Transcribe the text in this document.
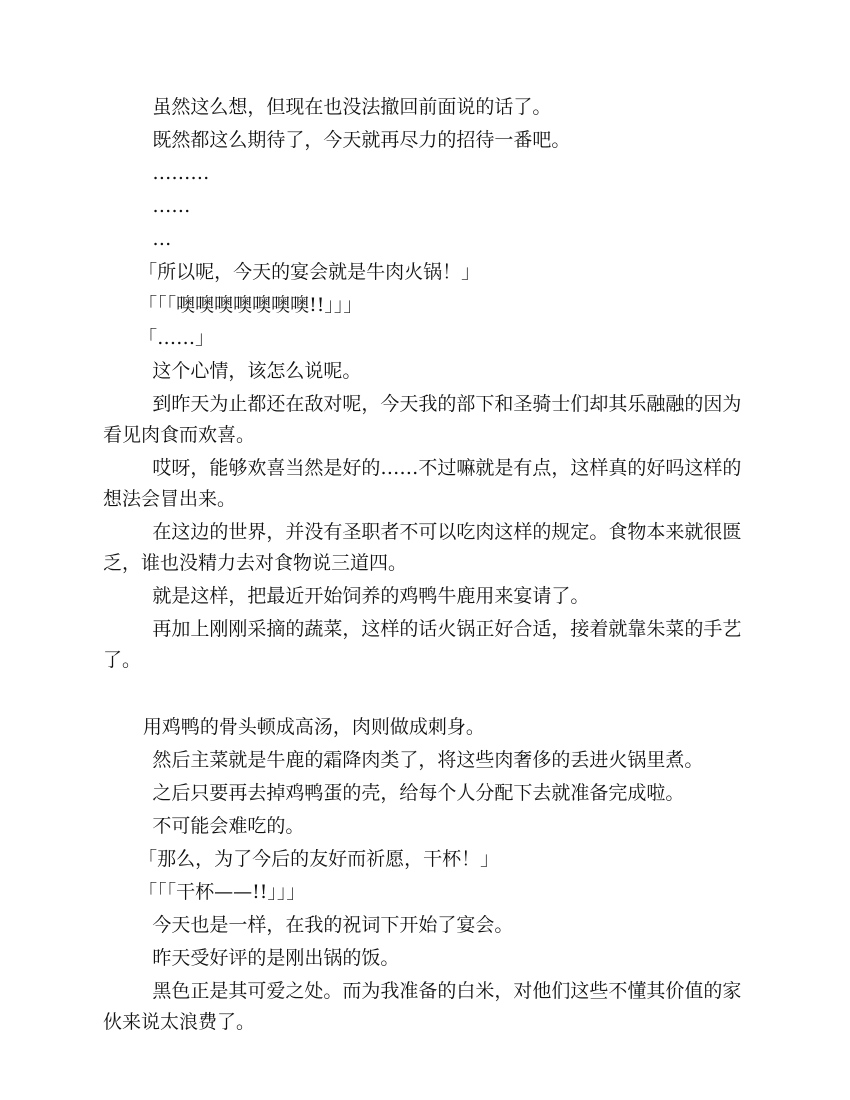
虽然这么想，但现在也没法撤回前面说的话了。

既然都这么期待了，今天就再尽力的招待一番吧。

………

……

…

「所以呢，今天的宴会就是牛肉火锅！」

「「「噢噢噢噢噢噢噢!!」」」

「……」

这个心情，该怎么说呢。

到昨天为止都还在敌对呢，今天我的部下和圣骑士们却其乐融融的因为看见肉食而欢喜。

哎呀，能够欢喜当然是好的……不过嘛就是有点，这样真的好吗这样的想法会冒出来。

在这边的世界，并没有圣职者不可以吃肉这样的规定。食物本来就很匮乏，谁也没精力去对食物说三道四。

就是这样，把最近开始饲养的鸡鸭牛鹿用来宴请了。

再加上刚刚采摘的蔬菜，这样的话火锅正好合适，接着就靠朱菜的手艺了。

用鸡鸭的骨头顿成高汤，肉则做成刺身。

然后主菜就是牛鹿的霜降肉类了，将这些肉奢侈的丢进火锅里煮。

之后只要再去掉鸡鸭蛋的壳，给每个人分配下去就准备完成啦。

不可能会难吃的。

「那么，为了今后的友好而祈愿，干杯！」

「「「干杯——!!」」」

今天也是一样，在我的祝词下开始了宴会。

昨天受好评的是刚出锅的饭。

黑色正是其可爱之处。而为我准备的白米，对他们这些不懂其价值的家伙来说太浪费了。
